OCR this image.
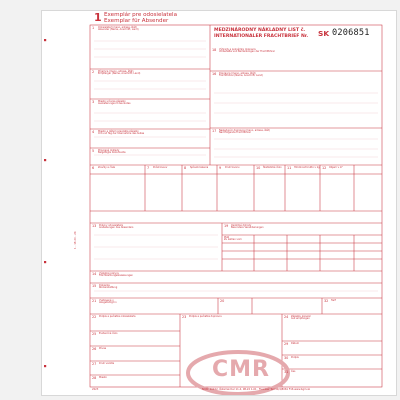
1 Exemplár pre odosielatela
Exemplar für Absender
MEDZINÁRODNÝ NÁKLADNÝ LIST č.
INTERNATIONALER FRACHTBRIEF Nr. SK 0206851
1 Odosielateľ (meno, adresa, štát)
Absender (Name, Anschrift, Land)
2 Príjemca (meno, adresa, štát)
Empfänger (Name, Anschrift, Land)
3 Miesto určenia zásielky
Auslieferungsort des Gutes
4 Miesto a dátum prevzatia zásielky
Ort und Tag der Übernahme des Gutes
5 Pripojené doklady
Beigefügte Dokumente
16 Dopravca (meno, adresa, štát)
Frachtführer (Name, Anschrift, Land)
17 Nasledujúci dopravca (meno, adresa, štát)
Nachfolgende Frachtführer
18 Výhrady a poznámky dopravcu
Vorbehalte und Bemerkungen der Frachtführer
6 Značky a čísla	7 Počet kusov	8 Spôsob balenia	9 Druh tovaru	10 Štatistické číslo 11 Hmotnosť brutto v kg 12 Objem v m³
13 Pokyny odosielateľa
Anweisungen des Absenders	19 Osobitné dohody
Besondere Vereinbarungen
Platí
Zu zahlen vom
14 Výplatné pokyny
Frachtzahlungsanweisungen
15 Dobierka
Rückerstattung
21 Vystavené v
Ausgefertigt in	20	32 Tarif
22 Podpis a pečiatka odosielateľa
25 Evidenčné číslo
26 Príves
27 Druh vozidla
28 Miesto
23 Podpis a pečiatka dopravcu	24 Zásielku prevzal
Gut empfangen
29 Dátum
30 Podpis
31 Čas
CMR
1 - 16 20 - 24
2023	Nr.Nr. 10422, Österreicher 11-4, 98-22 1-01 · Flexibler Teil 10/4/8061 F16 www.bgm.sk
